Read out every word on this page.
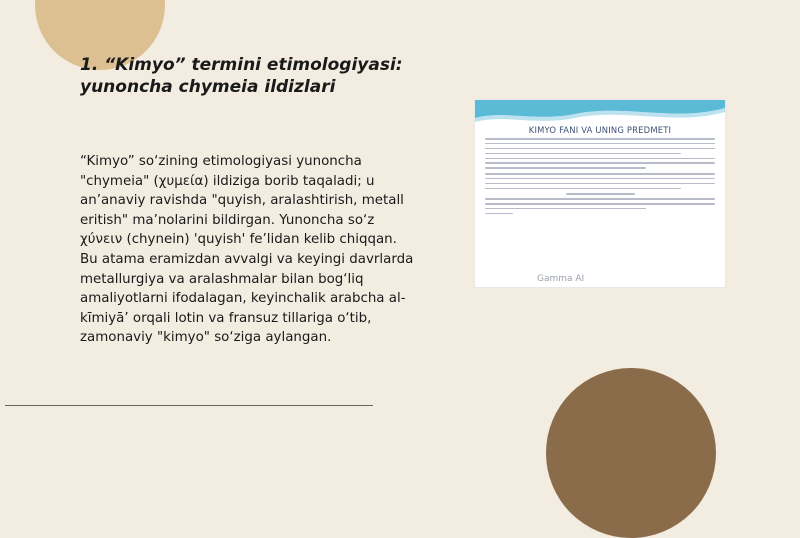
1. “Kimyo” termini etimologiyasi: yunoncha chymeia ildizlari

“Kimyo” so‘zining etimologiyasi yunoncha "chymeia" (χυμεία) ildiziga borib taqaladi; u an’anaviy ravishda "quyish, aralashtirish, metall eritish" ma’nolarini bildirgan. Yunoncha so‘z χύνειν (chynein) 'quyish' fe’lidan kelib chiqqan. Bu atama eramizdan avvalgi va keyingi davrlarda metallurgiya va aralashmalar bilan bog‘liq amaliyotlarni ifodalagan, keyinchalik arabcha al-kīmiyā’ orqali lotin va fransuz tillariga o‘tib, zamonaviy "kimyo" so‘ziga aylangan.

KIMYO FANI VA UNING PREDMETI
Gamma AI
